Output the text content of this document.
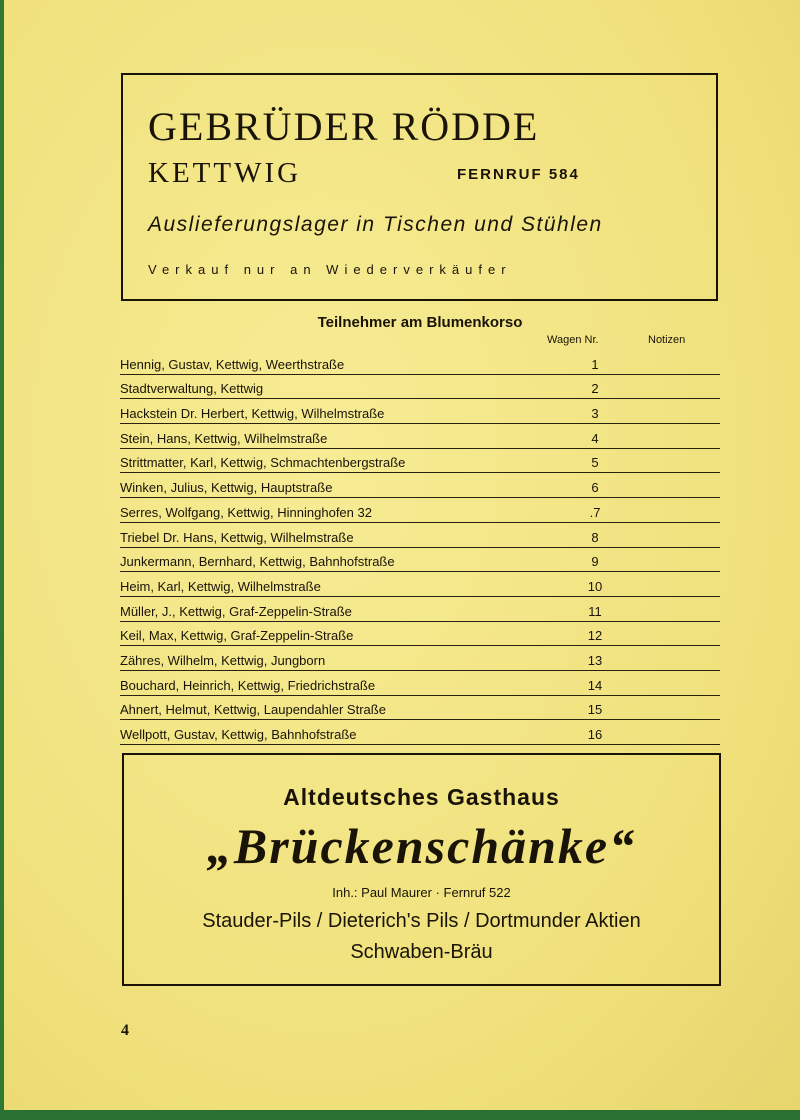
GEBRÜDER RÖDDE
KETTWIG	FERNRUF 584
Auslieferungslager in Tischen und Stühlen
Verkauf nur an Wiederverkäufer
Teilnehmer am Blumenkorso
Wagen Nr.	Notizen
Hennig, Gustav, Kettwig, Weerthstraße	1
Stadtverwaltung, Kettwig	2
Hackstein Dr. Herbert, Kettwig, Wilhelmstraße	3
Stein, Hans, Kettwig, Wilhelmstraße	4
Strittmatter, Karl, Kettwig, Schmachtenbergstraße	5
Winken, Julius, Kettwig, Hauptstraße	6
Serres, Wolfgang, Kettwig, Hinninghofen 32	.7
Triebel Dr. Hans, Kettwig, Wilhelmstraße	8
Junkermann, Bernhard, Kettwig, Bahnhofstraße	9
Heim, Karl, Kettwig, Wilhelmstraße	10
Müller, J., Kettwig, Graf-Zeppelin-Straße	11
Keil, Max, Kettwig, Graf-Zeppelin-Straße	12
Zähres, Wilhelm, Kettwig, Jungborn	13
Bouchard, Heinrich, Kettwig, Friedrichstraße	14
Ahnert, Helmut, Kettwig, Laupendahler Straße	15
Wellpott, Gustav, Kettwig, Bahnhofstraße	16
Altdeutsches Gasthaus
„Brückenschänke“
Inh.: Paul Maurer · Fernruf 522
Stauder-Pils / Dieterich's Pils / Dortmunder Aktien
Schwaben-Bräu
4
